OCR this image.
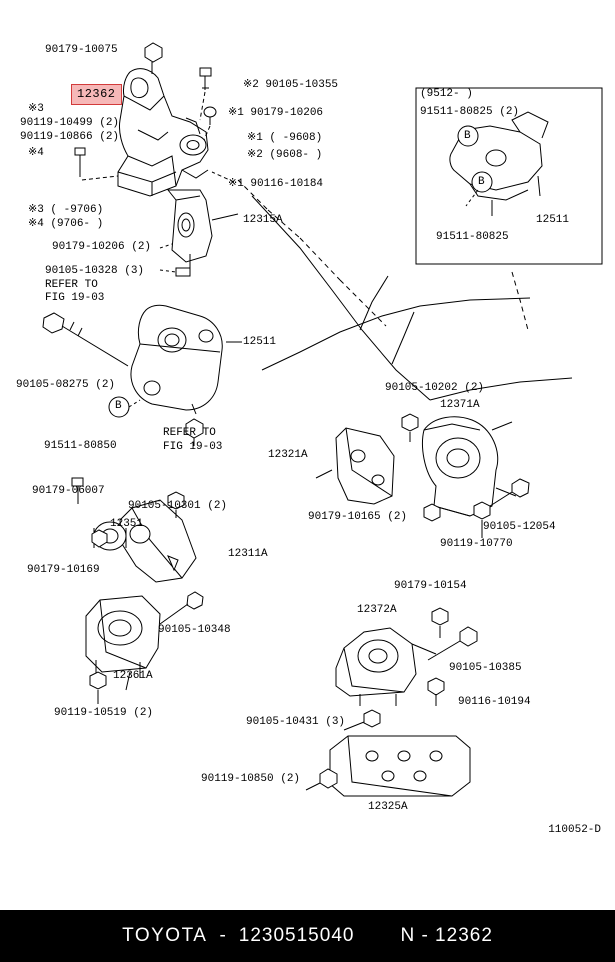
12362
B
90179-10075
※2 90105-10355
※1 90179-10206
※3
90119-10499 (2)
90119-10866 (2)
※4
※1 ( -9608)
※2 (9608- )
※1 90116-10184
※3 ( -9706)
※4 (9706- )	12315A
90179-10206 (2)
90105-10328 (3)
REFER TO
FIG 19-03
12511
90105-08275 (2)
91511-80850
REFER TO
FIG 19-03
90179-06007
90105-10301 (2)
12351
90179-10169
12311A
90105-10348
12361A
90119-10519 (2)
90105-10202 (2)
12371A
12321A
90179-10165 (2)
90105-12054
90119-10770
90179-10154
12372A
90105-10385
90116-10194
90105-10431 (3)
90119-10850 (2)
12325A
(9512- )
91511-80825 (2)
12511
91511-80825
B
B
110052-D
TOYOTA - 1230515040 N - 12362
